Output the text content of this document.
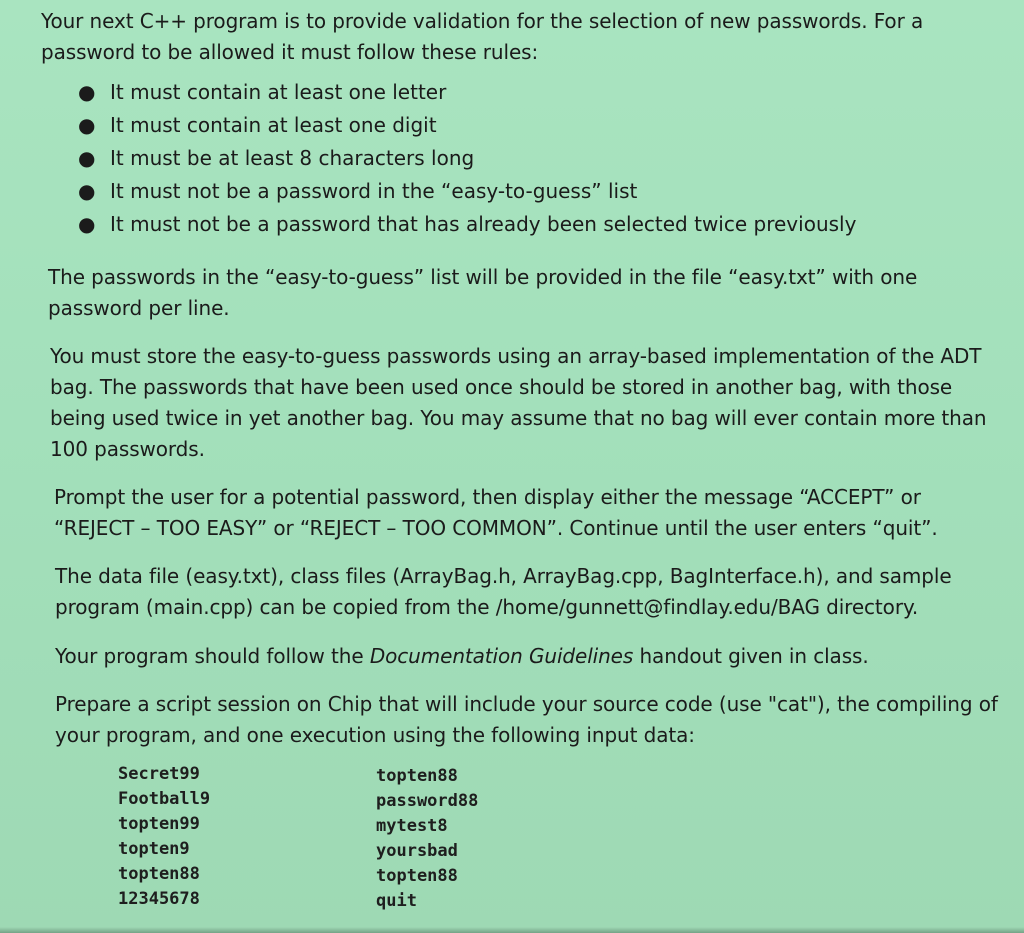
Your next C++ program is to provide validation for the selection of new passwords. For a password to be allowed it must follow these rules:

● It must contain at least one letter
● It must contain at least one digit
● It must be at least 8 characters long
● It must not be a password in the “easy-to-guess” list
● It must not be a password that has already been selected twice previously

The passwords in the “easy-to-guess” list will be provided in the file “easy.txt” with one password per line.

You must store the easy-to-guess passwords using an array-based implementation of the ADT bag. The passwords that have been used once should be stored in another bag, with those being used twice in yet another bag. You may assume that no bag will ever contain more than 100 passwords.

Prompt the user for a potential password, then display either the message “ACCEPT” or “REJECT – TOO EASY” or “REJECT – TOO COMMON”. Continue until the user enters “quit”.

The data file (easy.txt), class files (ArrayBag.h, ArrayBag.cpp, BagInterface.h), and sample program (main.cpp) can be copied from the /home/gunnett@findlay.edu/BAG directory.

Your program should follow the Documentation Guidelines handout given in class.

Prepare a script session on Chip that will include your source code (use "cat"), the compiling of your program, and one execution using the following input data:

Secret99
Football9
topten99
topten9
topten88
12345678
topten88
password88
mytest8
yoursbad
topten88
quit
